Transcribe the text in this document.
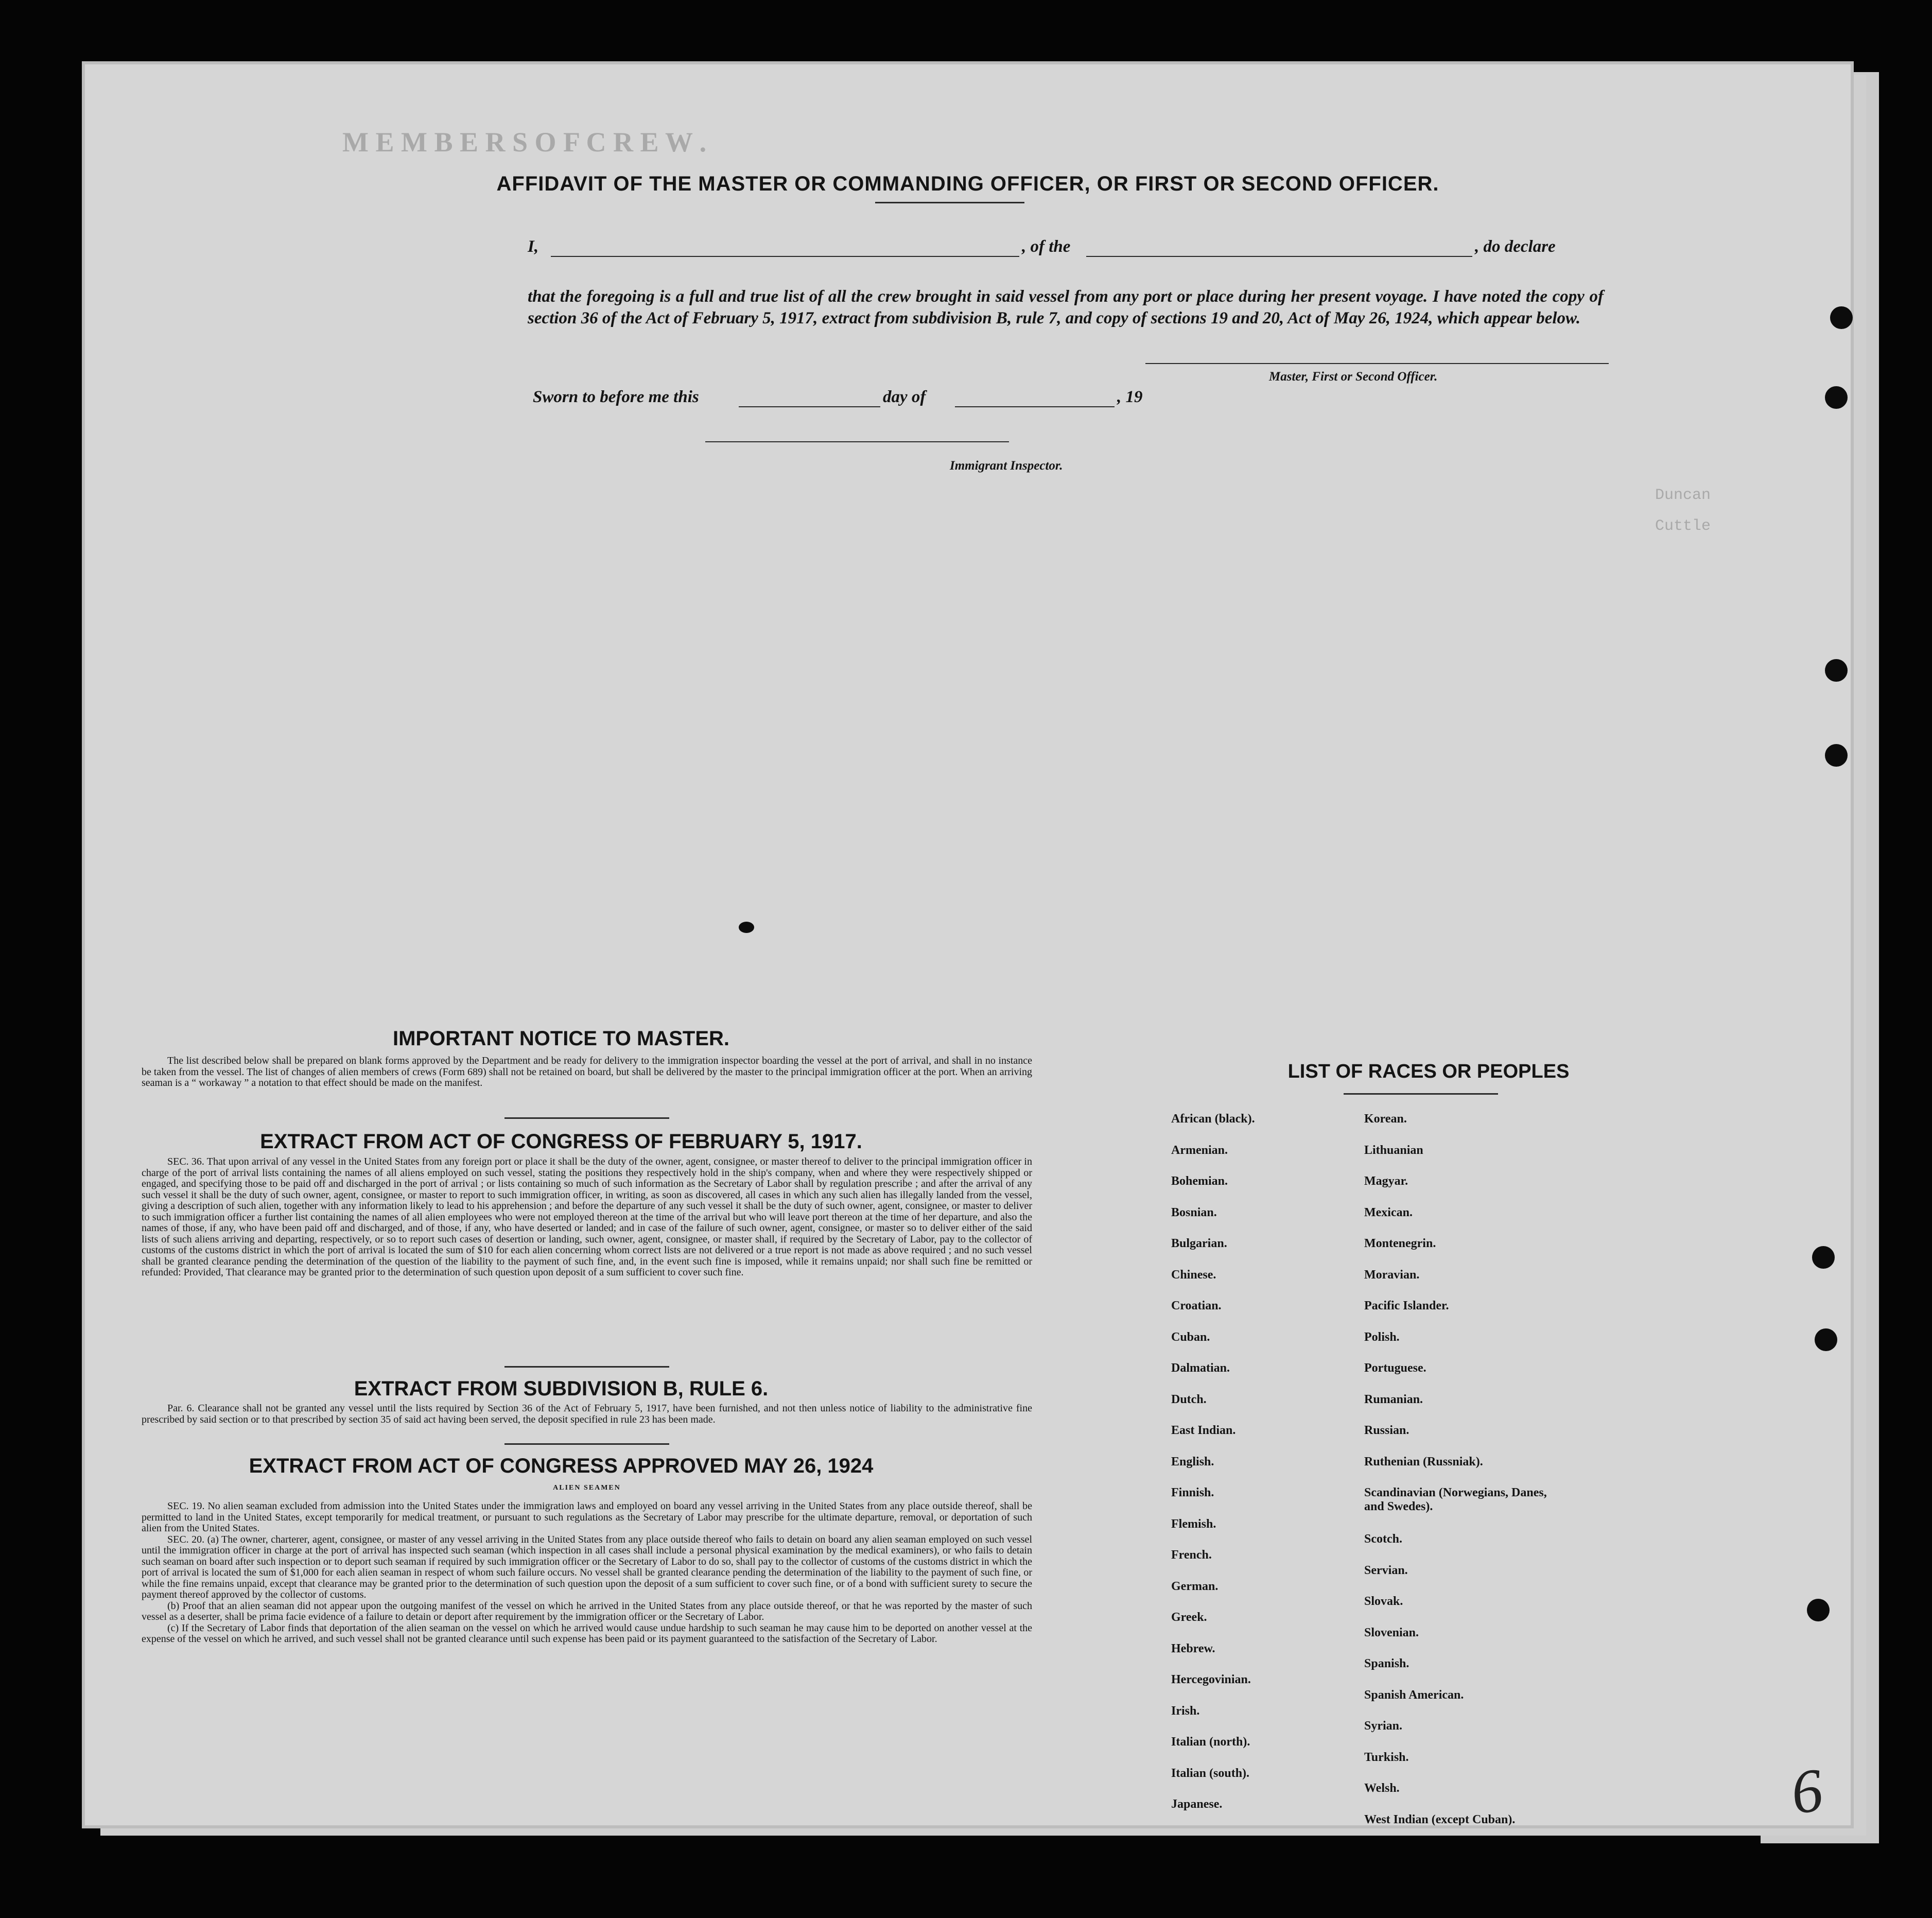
M E M B E R S O F C R E W .
Duncan
Cuttle
AFFIDAVIT OF THE MASTER OR COMMANDING OFFICER, OR FIRST OR SECOND OFFICER.
I,	, of the	, do declare
that the foregoing is a full and true list of all the crew brought in said vessel from any port or place during her present voyage. I have noted the copy of section 36 of the Act of February 5, 1917, extract from subdivision B, rule 7, and copy of sections 19 and 20, Act of May 26, 1924, which appear below.
Master, First or Second Officer.
Sworn to before me this	day of	, 19
Immigrant Inspector.
IMPORTANT NOTICE TO MASTER.

The list described below shall be prepared on blank forms approved by the Department and be ready for delivery to the immigration inspector boarding the vessel at the port of arrival, and shall in no instance be taken from the vessel. The list of changes of alien members of crews (Form 689) shall not be retained on board, but shall be delivered by the master to the principal immigration officer at the port. When an arriving seaman is a “ workaway ” a notation to that effect should be made on the manifest.

EXTRACT FROM ACT OF CONGRESS OF FEBRUARY 5, 1917.

SEC. 36. That upon arrival of any vessel in the United States from any foreign port or place it shall be the duty of the owner, agent, consignee, or master thereof to deliver to the principal immigration officer in charge of the port of arrival lists containing the names of all aliens employed on such vessel, stating the positions they respectively hold in the ship's company, when and where they were respectively shipped or engaged, and specifying those to be paid off and discharged in the port of arrival ; or lists containing so much of such information as the Secretary of Labor shall by regulation prescribe ; and after the arrival of any such vessel it shall be the duty of such owner, agent, consignee, or master to report to such immigration officer, in writing, as soon as discovered, all cases in which any such alien has illegally landed from the vessel, giving a description of such alien, together with any information likely to lead to his apprehension ; and before the departure of any such vessel it shall be the duty of such owner, agent, consignee, or master to deliver to such immigration officer a further list containing the names of all alien employees who were not employed thereon at the time of the arrival but who will leave port thereon at the time of her departure, and also the names of those, if any, who have been paid off and discharged, and of those, if any, who have deserted or landed; and in case of the failure of such owner, agent, consignee, or master so to deliver either of the said lists of such aliens arriving and departing, respectively, or so to report such cases of desertion or landing, such owner, agent, consignee, or master shall, if required by the Secretary of Labor, pay to the collector of customs of the customs district in which the port of arrival is located the sum of $10 for each alien concerning whom correct lists are not delivered or a true report is not made as above required ; and no such vessel shall be granted clearance pending the determination of the question of the liability to the payment of such fine, and, in the event such fine is imposed, while it remains unpaid; nor shall such fine be remitted or refunded: Provided, That clearance may be granted prior to the determination of such question upon deposit of a sum sufficient to cover such fine.

EXTRACT FROM SUBDIVISION B, RULE 6.

Par. 6. Clearance shall not be granted any vessel until the lists required by Section 36 of the Act of February 5, 1917, have been furnished, and not then unless notice of liability to the administrative fine prescribed by said section or to that prescribed by section 35 of said act having been served, the deposit specified in rule 23 has been made.

EXTRACT FROM ACT OF CONGRESS APPROVED MAY 26, 1924
ALIEN SEAMEN

SEC. 19. No alien seaman excluded from admission into the United States under the immigration laws and employed on board any vessel arriving in the United States from any place outside thereof, shall be permitted to land in the United States, except temporarily for medical treatment, or pursuant to such regulations as the Secretary of Labor may prescribe for the ultimate departure, removal, or deportation of such alien from the United States.

SEC. 20. (a) The owner, charterer, agent, consignee, or master of any vessel arriving in the United States from any place outside thereof who fails to detain on board any alien seaman employed on such vessel until the immigration officer in charge at the port of arrival has inspected such seaman (which inspection in all cases shall include a personal physical examination by the medical examiners), or who fails to detain such seaman on board after such inspection or to deport such seaman if required by such immigration officer or the Secretary of Labor to do so, shall pay to the collector of customs of the customs district in which the port of arrival is located the sum of $1,000 for each alien seaman in respect of whom such failure occurs. No vessel shall be granted clearance pending the determination of the liability to the payment of such fine, or while the fine remains unpaid, except that clearance may be granted prior to the determination of such question upon the deposit of a sum sufficient to cover such fine, or of a bond with sufficient surety to secure the payment thereof approved by the collector of customs.

(b) Proof that an alien seaman did not appear upon the outgoing manifest of the vessel on which he arrived in the United States from any place outside thereof, or that he was reported by the master of such vessel as a deserter, shall be prima facie evidence of a failure to detain or deport after requirement by the immigration officer or the Secretary of Labor.

(c) If the Secretary of Labor finds that deportation of the alien seaman on the vessel on which he arrived would cause undue hardship to such seaman he may cause him to be deported on another vessel at the expense of the vessel on which he arrived, and such vessel shall not be granted clearance until such expense has been paid or its payment guaranteed to the satisfaction of the Secretary of Labor.

LIST OF RACES OR PEOPLES
African (black).
Armenian.
Bohemian.
Bosnian.
Bulgarian.
Chinese.
Croatian.
Cuban.
Dalmatian.
Dutch.
East Indian.
English.
Finnish.
Flemish.
French.
German.
Greek.
Hebrew.
Hercegovinian.
Irish.
Italian (north).
Italian (south).
Japanese.
Korean.
Lithuanian
Magyar.
Mexican.
Montenegrin.
Moravian.
Pacific Islander.
Polish.
Portuguese.
Rumanian.
Russian.
Ruthenian (Russniak).
Scandinavian (Norwegians, Danes, and Swedes).
Scotch.
Servian.
Slovak.
Slovenian.
Spanish.
Spanish American.
Syrian.
Turkish.
Welsh.
West Indian (except Cuban).	6
